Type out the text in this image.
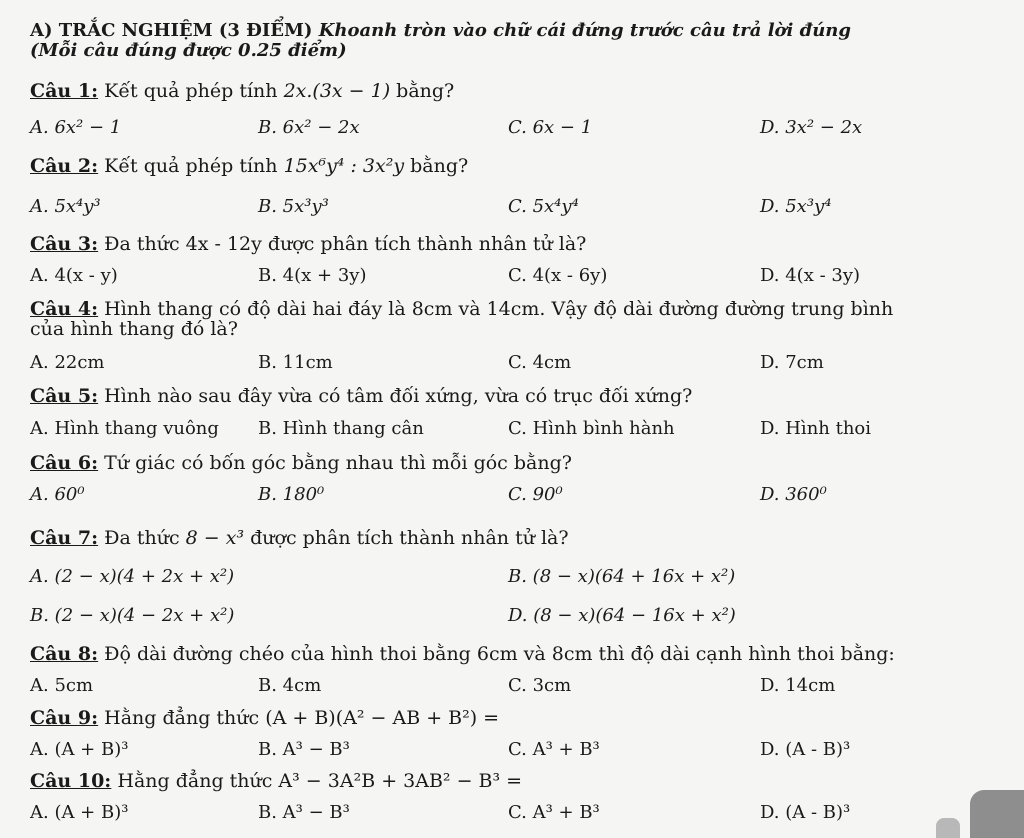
A) TRẮC NGHIỆM (3 ĐIỂM) Khoanh tròn vào chữ cái đứng trước câu trả lời đúng
(Mỗi câu đúng được 0.25 điểm)
Câu 1: Kết quả phép tính 2x.(3x − 1) bằng?
A. 6x² − 1	B. 6x² − 2x	C. 6x − 1	D. 3x² − 2x
Câu 2: Kết quả phép tính 15x⁶y⁴ : 3x²y bằng?
A. 5x⁴y³	B. 5x³y³	C. 5x⁴y⁴	D. 5x³y⁴
Câu 3: Đa thức 4x - 12y được phân tích thành nhân tử là?
A. 4(x - y)	B. 4(x + 3y)	C. 4(x - 6y)	D. 4(x - 3y)
Câu 4: Hình thang có độ dài hai đáy là 8cm và 14cm. Vậy độ dài đường đường trung bình
của hình thang đó là?
A. 22cm	B. 11cm	C. 4cm	D. 7cm
Câu 5: Hình nào sau đây vừa có tâm đối xứng, vừa có trục đối xứng?
A. Hình thang vuông B. Hình thang cân	C. Hình bình hành	D. Hình thoi
Câu 6: Tứ giác có bốn góc bằng nhau thì mỗi góc bằng?
A. 60⁰	B. 180⁰	C. 90⁰	D. 360⁰
Câu 7: Đa thức 8 − x³ được phân tích thành nhân tử là?
A. (2 − x)(4 + 2x + x²)	B. (8 − x)(64 + 16x + x²)
B. (2 − x)(4 − 2x + x²)	D. (8 − x)(64 − 16x + x²)
Câu 8: Độ dài đường chéo của hình thoi bằng 6cm và 8cm thì độ dài cạnh hình thoi bằng:
A. 5cm	B. 4cm	C. 3cm	D. 14cm
Câu 9: Hằng đẳng thức (A + B)(A² − AB + B²) =
A. (A + B)³	B. A³ − B³	C. A³ + B³	D. (A - B)³
Câu 10: Hằng đẳng thức A³ − 3A²B + 3AB² − B³ =
A. (A + B)³	B. A³ − B³	C. A³ + B³	D. (A - B)³
